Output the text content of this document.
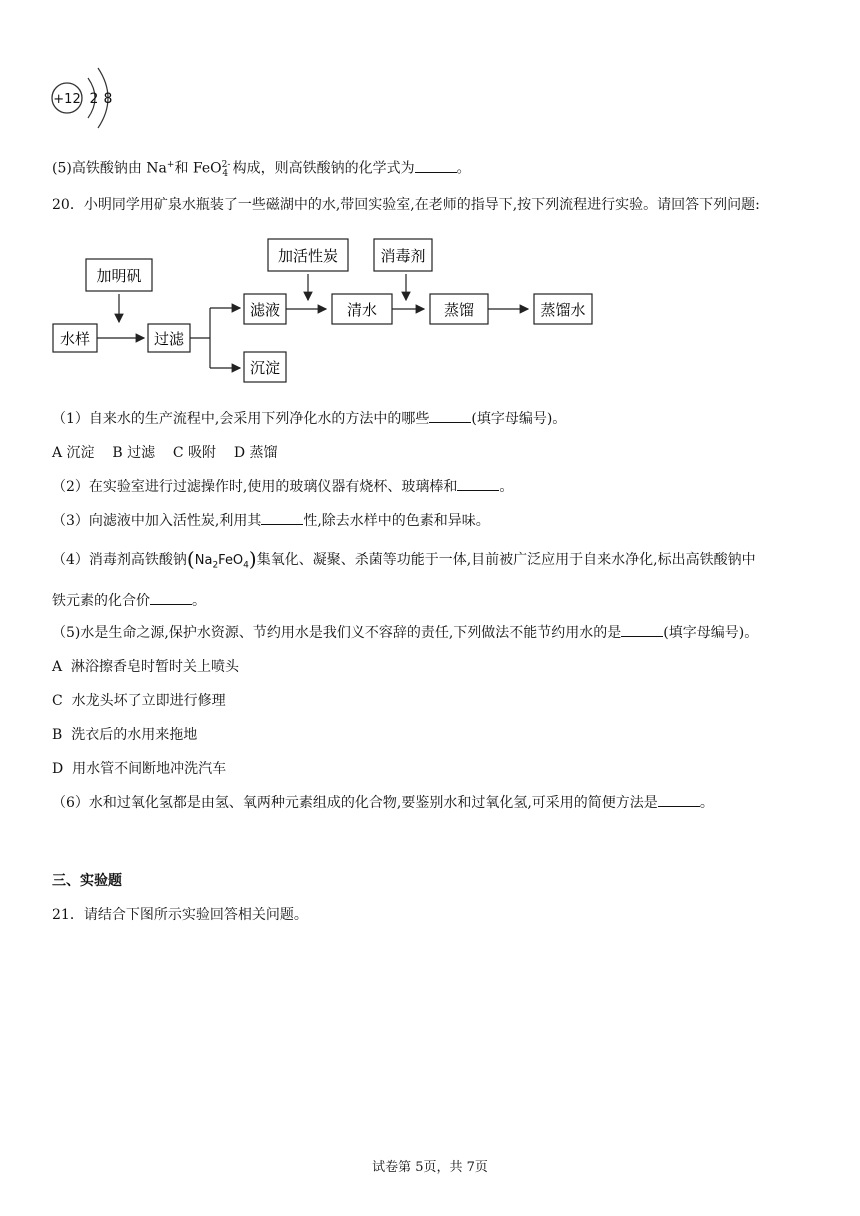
+12 2 8
(5)高铁酸钠由 Na+和 FeO$^{2-}_4$ 构成，则高铁酸钠的化学式为	。
20．小明同学用矿泉水瓶装了一些磁湖中的水,带回实验室,在老师的指导下,按下列流程进行实验。请回答下列问题:
加明矾
水样	过滤
滤液
沉淀
加活性炭
清水
消毒剂
蒸馏	蒸馏水
（1）自来水的生产流程中,会采用下列净化水的方法中的哪些	(填字母编号)。
A 沉淀    B 过滤    C 吸附    D 蒸馏
（2）在实验室进行过滤操作时,使用的玻璃仪器有烧杯、玻璃棒和	。
（3）向滤液中加入活性炭,利用其	性,除去水样中的色素和异味。
（4）消毒剂高铁酸钠$(Na_2FeO_4)$集氧化、凝聚、杀菌等功能于一体,目前被广泛应用于自来水净化,标出高铁酸钠中
铁元素的化合价	。
（5)水是生命之源,保护水资源、节约用水是我们义不容辞的责任,下列做法不能节约用水的是	(填字母编号)。
A  淋浴擦香皂时暂时关上喷头
C  水龙头坏了立即进行修理
B  洗衣后的水用来拖地
D  用水管不间断地冲洗汽车
（6）水和过氧化氢都是由氢、氧两种元素组成的化合物,要鉴别水和过氧化氢,可采用的简便方法是	。
三、实验题
21．请结合下图所示实验回答相关问题。
试卷第 5页，共 7页
